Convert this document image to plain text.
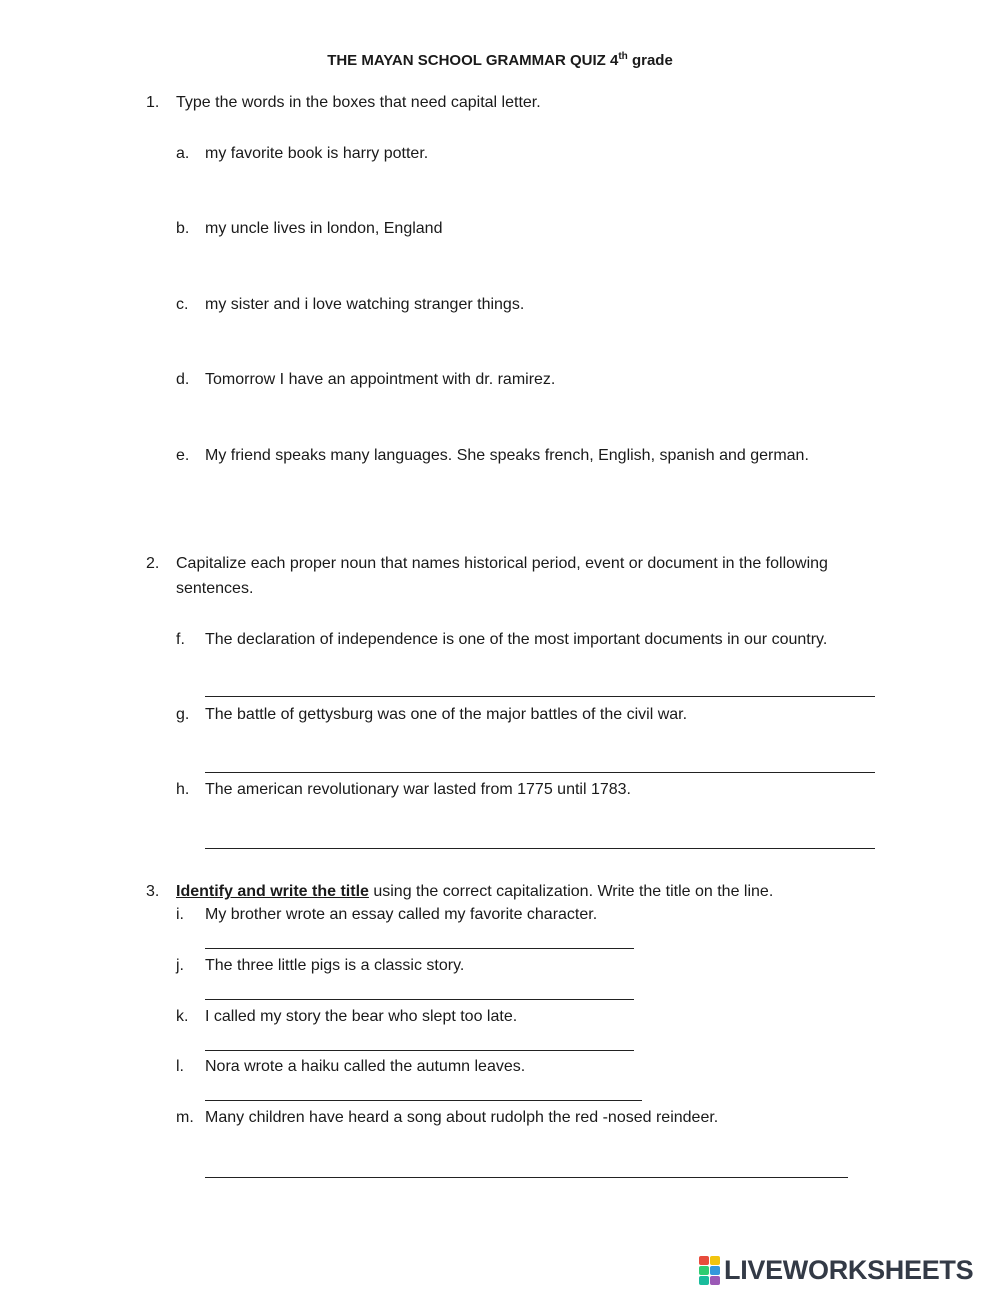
THE MAYAN SCHOOL GRAMMAR QUIZ 4th grade
1. Type the words in the boxes that need capital letter.
a. my favorite book is harry potter.
b. my uncle lives in london, England
c. my sister and i love watching stranger things.
d. Tomorrow I have an appointment with dr. ramirez.
e. My friend speaks many languages. She speaks french, English, spanish and german.
2. Capitalize each proper noun that names historical period, event or document in the following
sentences.
f. The declaration of independence is one of the most important documents in our country.
g. The battle of gettysburg was one of the major battles of the civil war.
h. The american revolutionary war lasted from 1775 until 1783.
3. Identify and write the title using the correct capitalization. Write the title on the line.
i. My brother wrote an essay called my favorite character.
j. The three little pigs is a classic story.
k. I called my story the bear who slept too late.
l. Nora wrote a haiku called the autumn leaves.
m. Many children have heard a song about rudolph the red -nosed reindeer.
LIVEWORKSHEETS
